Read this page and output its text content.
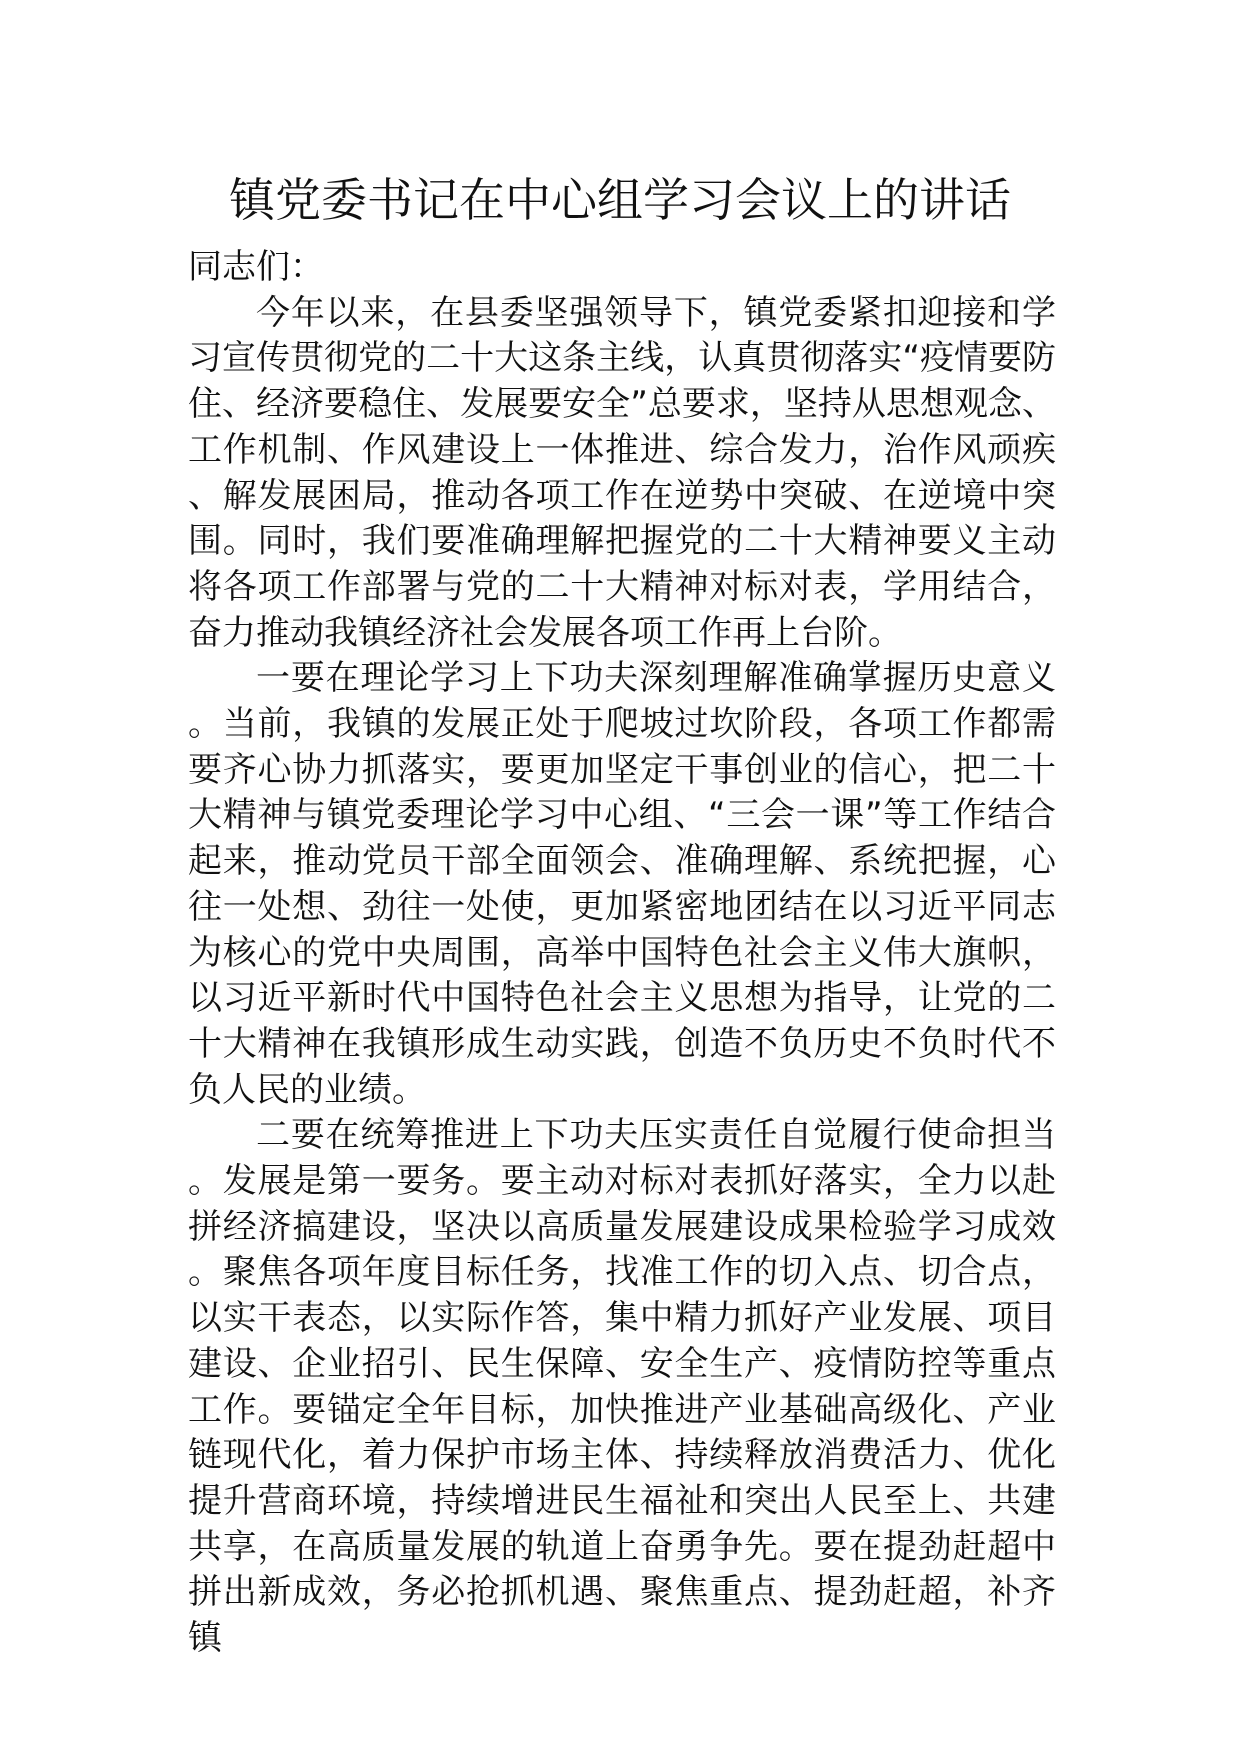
镇党委书记在中心组学习会议上的讲话

同志们：

今年以来，在县委坚强领导下，镇党委紧扣迎接和学习宣传贯彻党的二十大这条主线，认真贯彻落实“疫情要防住、经济要稳住、发展要安全”总要求，坚持从思想观念、工作机制、作风建设上一体推进、综合发力，治作风顽疾、解发展困局，推动各项工作在逆势中突破、在逆境中突围。同时，我们要准确理解把握党的二十大精神要义主动将各项工作部署与党的二十大精神对标对表，学用结合，奋力推动我镇经济社会发展各项工作再上台阶。

一要在理论学习上下功夫深刻理解准确掌握历史意义。当前，我镇的发展正处于爬坡过坎阶段，各项工作都需要齐心协力抓落实，要更加坚定干事创业的信心，把二十大精神与镇党委理论学习中心组、“三会一课”等工作结合起来，推动党员干部全面领会、准确理解、系统把握，心往一处想、劲往一处使，更加紧密地团结在以习近平同志为核心的党中央周围，高举中国特色社会主义伟大旗帜，以习近平新时代中国特色社会主义思想为指导，让党的二十大精神在我镇形成生动实践，创造不负历史不负时代不负人民的业绩。

二要在统筹推进上下功夫压实责任自觉履行使命担当。发展是第一要务。要主动对标对表抓好落实，全力以赴拼经济搞建设，坚决以高质量发展建设成果检验学习成效。聚焦各项年度目标任务，找准工作的切入点、切合点，以实干表态，以实际作答，集中精力抓好产业发展、项目建设、企业招引、民生保障、安全生产、疫情防控等重点工作。要锚定全年目标，加快推进产业基础高级化、产业链现代化，着力保护市场主体、持续释放消费活力、优化提升营商环境，持续增进民生福祉和突出人民至上、共建共享，在高质量发展的轨道上奋勇争先。要在提劲赶超中拼出新成效，务必抢抓机遇、聚焦重点、提劲赶超，补齐镇
